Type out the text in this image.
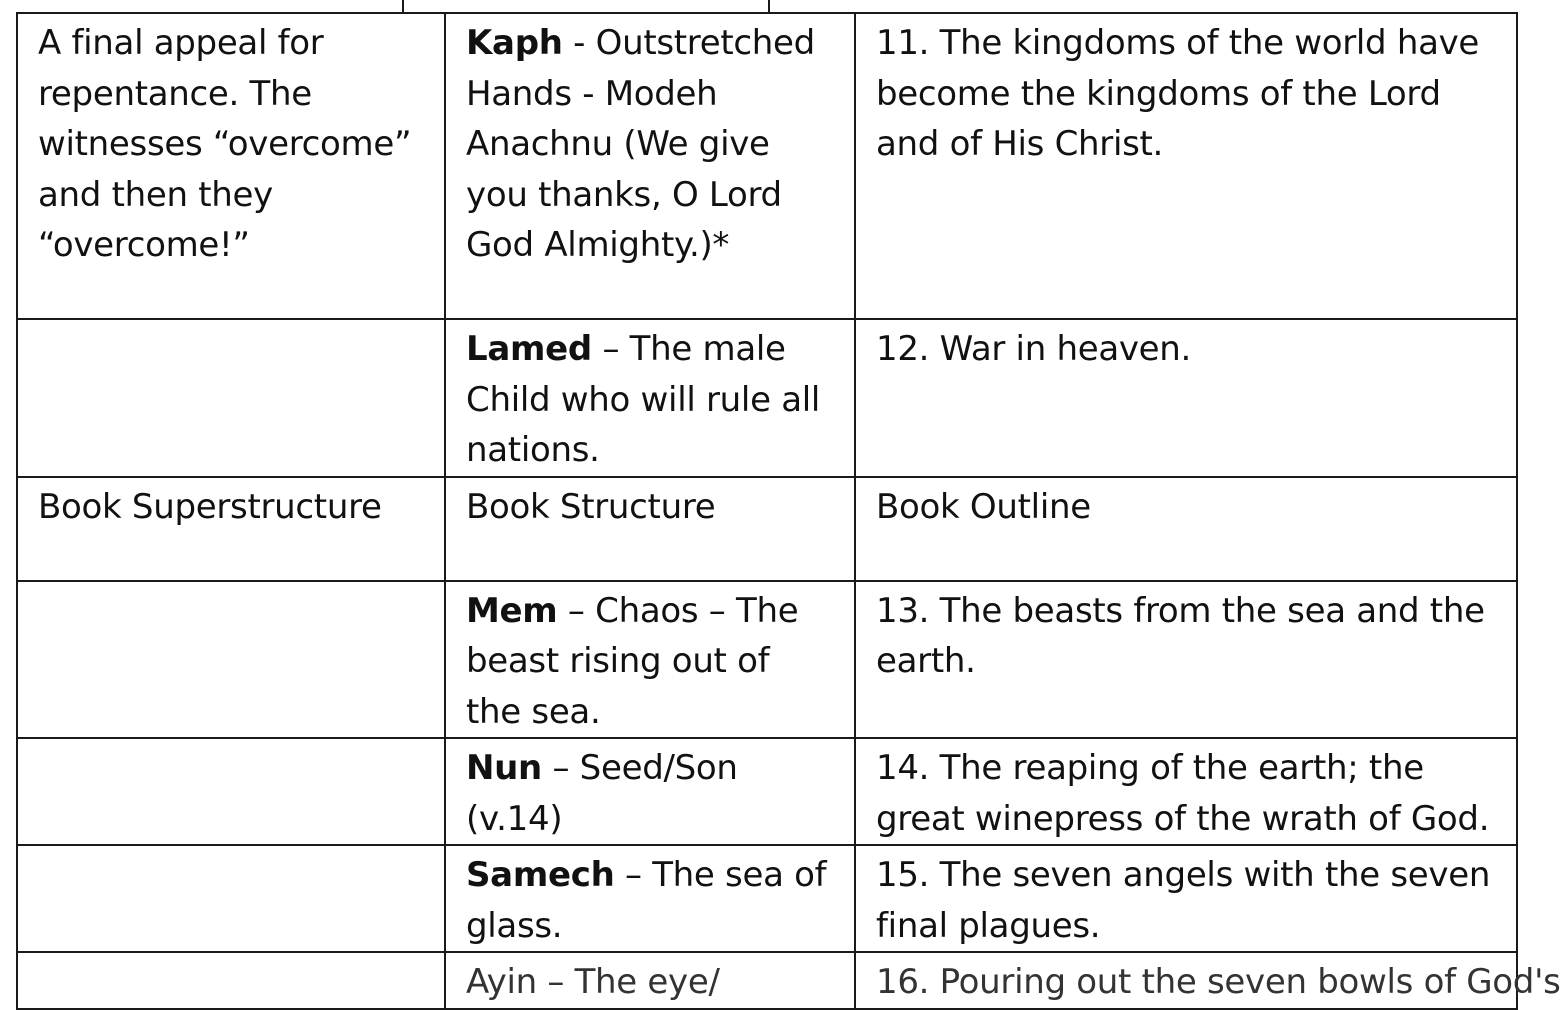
A final appeal for repentance. The witnesses “overcome” and then they “overcome!”	Kaph - Outstretched Hands - Modeh Anachnu (We give you thanks, O Lord God Almighty.)*	11. The kingdoms of the world have become the kingdoms of the Lord and of His Christ.
	Lamed – The male Child who will rule all nations.	12. War in heaven.
Book Superstructure	Book Structure	Book Outline
	Mem – Chaos – The beast rising out of the sea.	13. The beasts from the sea and the earth.
	Nun – Seed/Son (v.14)	14. The reaping of the earth; the great winepress of the wrath of God.
	Samech – The sea of glass.	15. The seven angels with the seven final plagues.
	Ayin – The eye/	16. Pouring out the seven bowls of God's
